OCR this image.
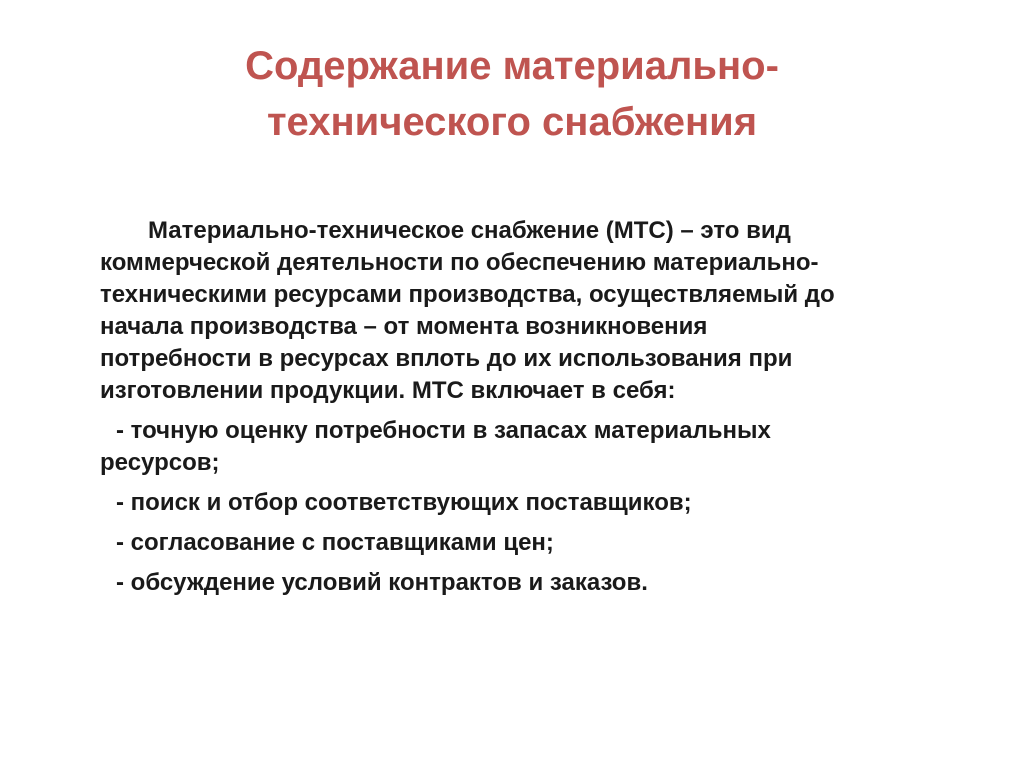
Содержание материально-
технического снабжения
Материально-техническое снабжение (МТС) – это вид
коммерческой деятельности по обеспечению материально-
техническими ресурсами производства, осуществляемый до
начала производства – от момента возникновения
потребности в ресурсах вплоть до их использования при
изготовлении продукции. МТС включает в себя:
- точную оценку потребности в запасах материальных
ресурсов;
- поиск и отбор соответствующих поставщиков;
- согласование с поставщиками цен;
- обсуждение условий контрактов и заказов.
